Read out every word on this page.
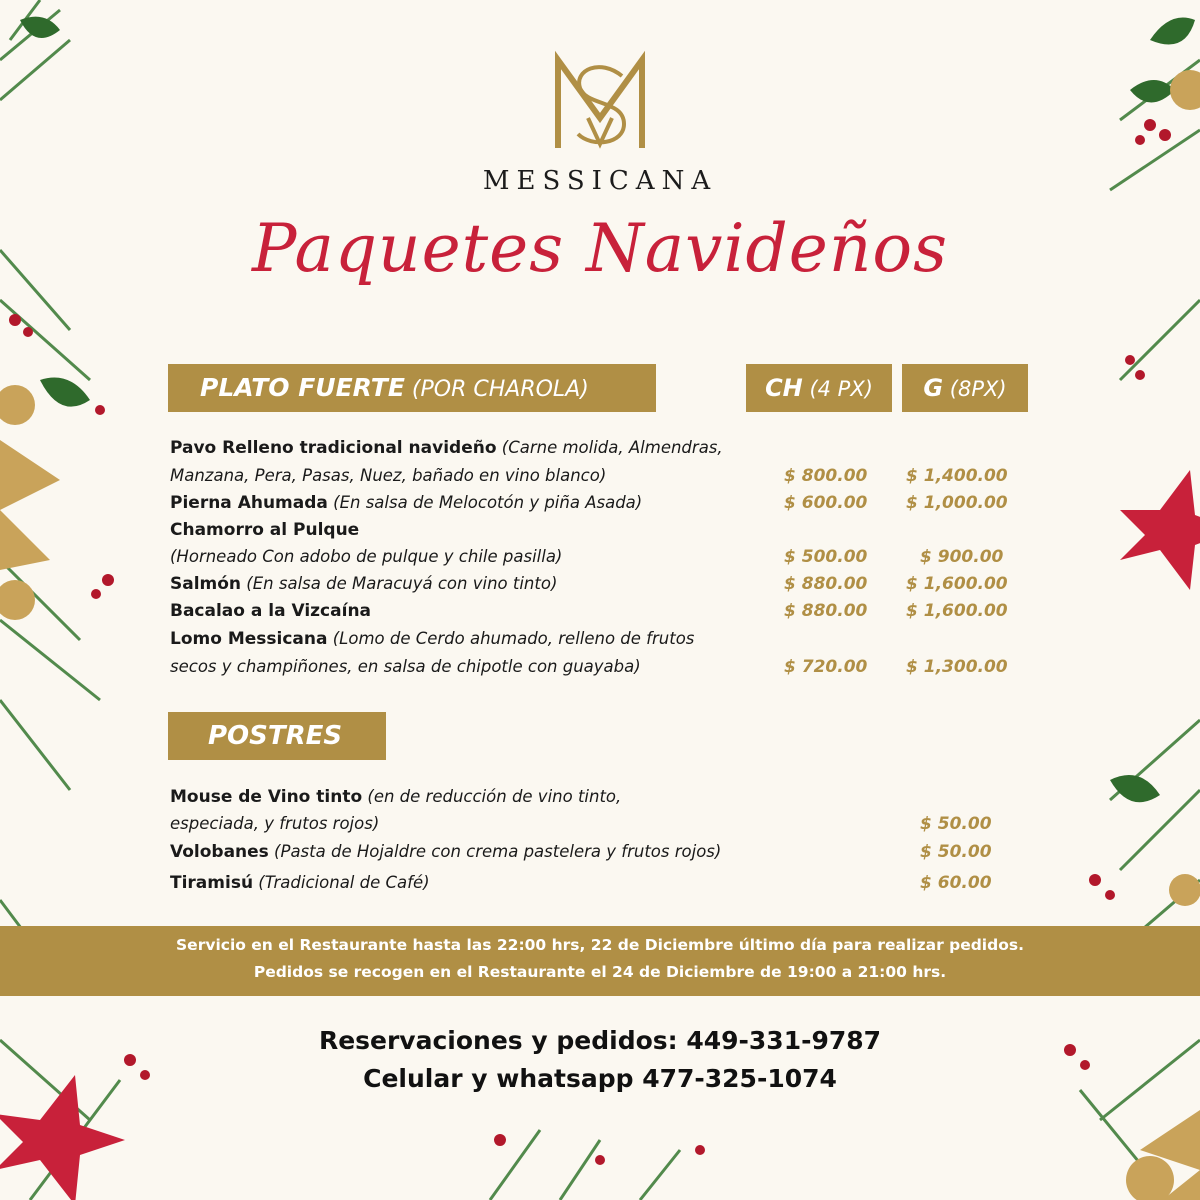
MESSICANA
Paquetes Navideños
PLATO FUERTE (POR CHAROLA)	CH (4 PX)	G (8PX)
Pavo Relleno tradicional navideño (Carne molida, Almendras,
Manzana, Pera, Pasas, Nuez, bañado en vino blanco)	$ 800.00 $ 1,400.00
Pierna Ahumada (En salsa de Melocotón y piña Asada)	$ 600.00 $ 1,000.00
Chamorro al Pulque
(Horneado Con adobo de pulque y chile pasilla)	$ 500.00	$ 900.00
Salmón (En salsa de Maracuyá con vino tinto)	$ 880.00 $ 1,600.00
Bacalao a la Vizcaína	$ 880.00 $ 1,600.00
Lomo Messicana (Lomo de Cerdo ahumado, relleno de frutos
secos y champiñones, en salsa de chipotle con guayaba)	$ 720.00 $ 1,300.00
POSTRES
Mouse de Vino tinto (en de reducción de vino tinto,
especiada, y frutos rojos)	$ 50.00
Volobanes (Pasta de Hojaldre con crema pastelera y frutos rojos)	$ 50.00
Tiramisú (Tradicional de Café)	$ 60.00
Servicio en el Restaurante hasta las 22:00 hrs, 22 de Diciembre último día para realizar pedidos.
Pedidos se recogen en el Restaurante el 24 de Diciembre de 19:00 a 21:00 hrs.
Reservaciones y pedidos: 449-331-9787
Celular y whatsapp 477-325-1074
